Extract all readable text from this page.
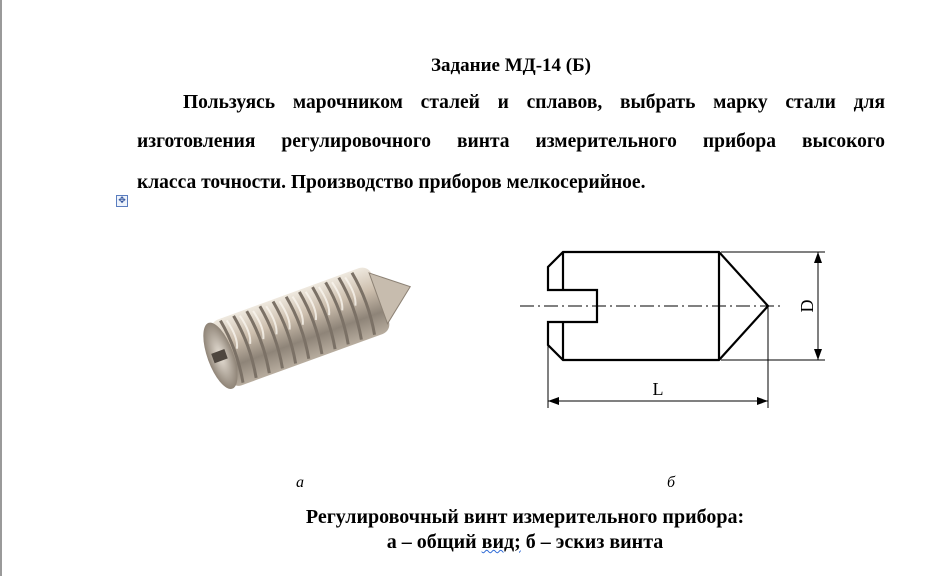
Задание МД-14 (Б)
Пользуясь марочником сталей и сплавов, выбрать марку стали для
изготовления регулировочного винта измерительного прибора высокого
класса точности. Производство приборов мелкосерийное.
✥
D
L
а	б
Регулировочный винт измерительного прибора:
а – общий вид; б – эскиз винта
